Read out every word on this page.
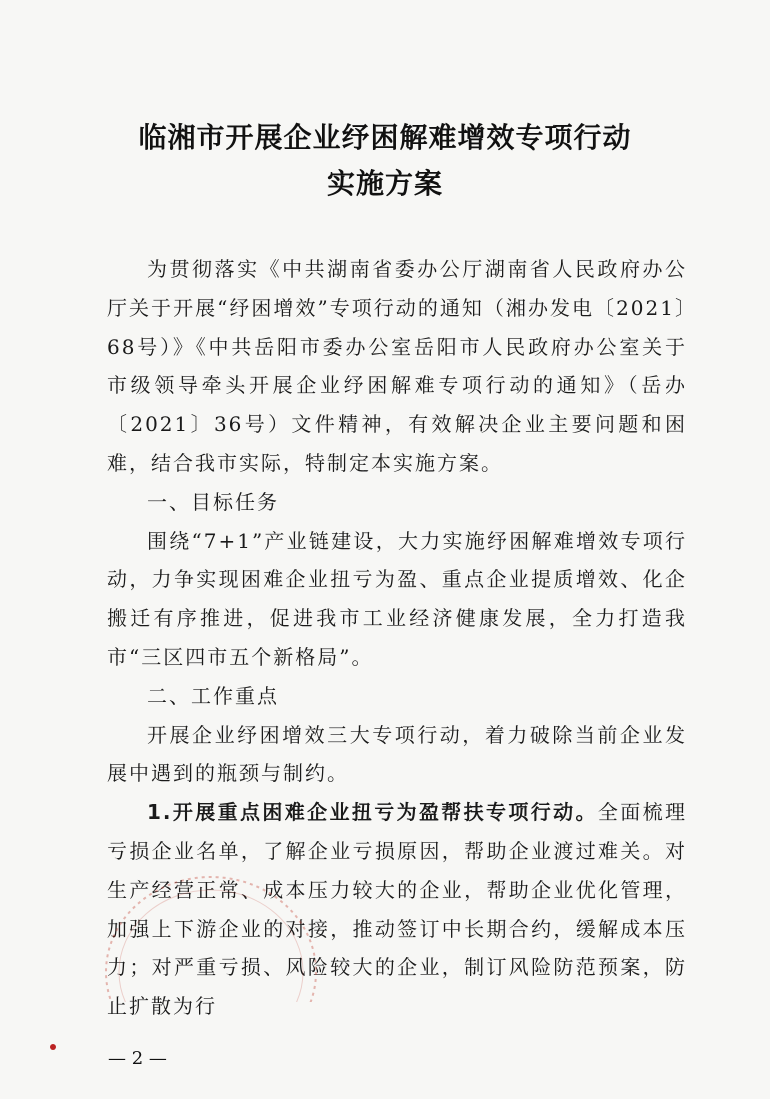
临湘市开展企业纾困解难增效专项行动
实施方案

为贯彻落实《中共湖南省委办公厅湖南省人民政府办公厅关于开展“纾困增效”专项行动的通知（湘办发电〔2021〕68号）》《中共岳阳市委办公室岳阳市人民政府办公室关于市级领导牵头开展企业纾困解难专项行动的通知》（岳办〔2021〕36号）文件精神，有效解决企业主要问题和困难，结合我市实际，特制定本实施方案。

一、目标任务

围绕“7+1”产业链建设，大力实施纾困解难增效专项行动，力争实现困难企业扭亏为盈、重点企业提质增效、化企搬迁有序推进，促进我市工业经济健康发展，全力打造我市“三区四市五个新格局”。

二、工作重点

开展企业纾困增效三大专项行动，着力破除当前企业发展中遇到的瓶颈与制约。

1.开展重点困难企业扭亏为盈帮扶专项行动。全面梳理亏损企业名单，了解企业亏损原因，帮助企业渡过难关。对生产经营正常、成本压力较大的企业，帮助企业优化管理，加强上下游企业的对接，推动签订中长期合约，缓解成本压力；对严重亏损、风险较大的企业，制订风险防范预案，防止扩散为行

— 2 —
